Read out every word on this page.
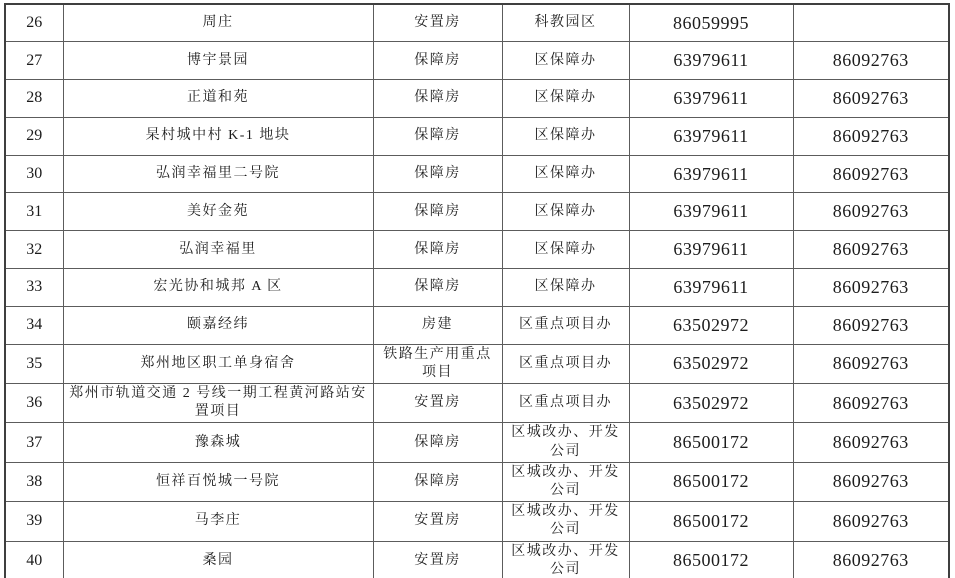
26	周庄	安置房	科教园区	86059995	
27	博宇景园	保障房	区保障办	63979611	86092763
28	正道和苑	保障房	区保障办	63979611	86092763
29	杲村城中村 K-1 地块	保障房	区保障办	63979611	86092763
30	弘润幸福里二号院	保障房	区保障办	63979611	86092763
31	美好金苑	保障房	区保障办	63979611	86092763
32	弘润幸福里	保障房	区保障办	63979611	86092763
33	宏光协和城邦 A 区	保障房	区保障办	63979611	86092763
34	颐嘉经纬	房建	区重点项目办	63502972	86092763
35	郑州地区职工单身宿舍	铁路生产用重点项目	区重点项目办	63502972	86092763
36	郑州市轨道交通 2 号线一期工程黄河路站安置项目	安置房	区重点项目办	63502972	86092763
37	豫森城	保障房	区城改办、开发公司	86500172	86092763
38	恒祥百悦城一号院	保障房	区城改办、开发公司	86500172	86092763
39	马李庄	安置房	区城改办、开发公司	86500172	86092763
40	桑园	安置房	区城改办、开发公司	86500172	86092763
